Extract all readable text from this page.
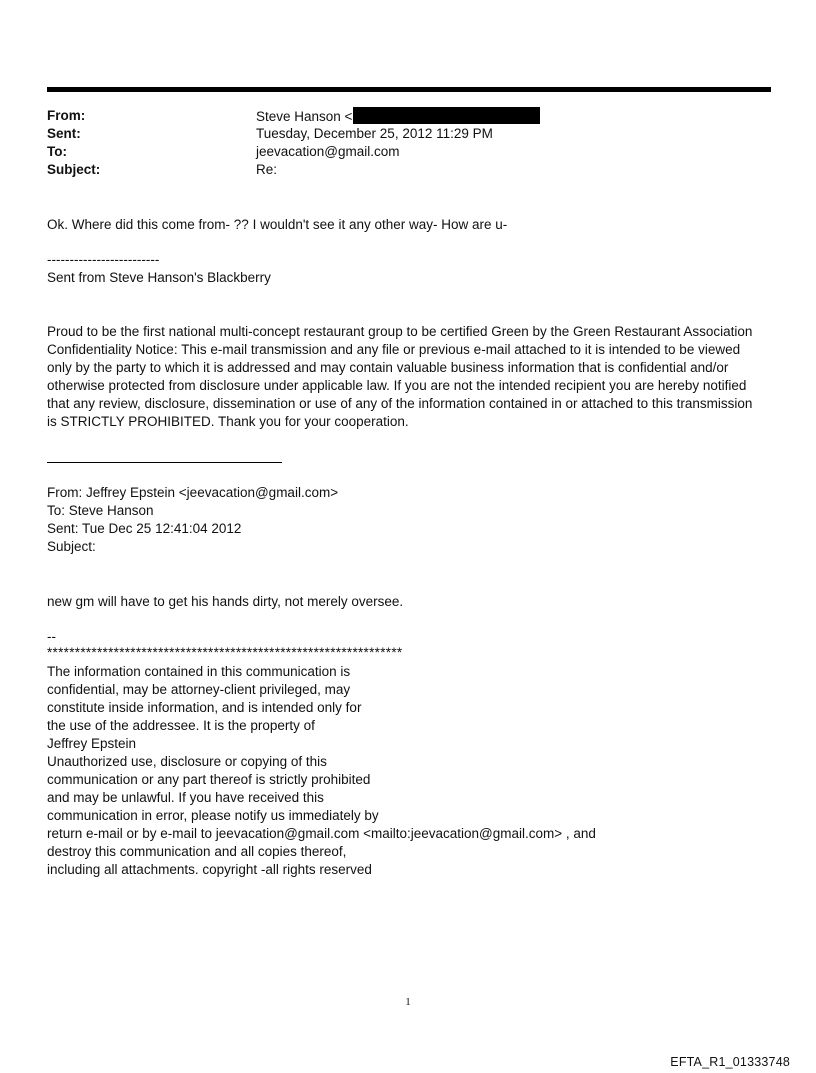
From:	Steve Hanson <
Sent:	Tuesday, December 25, 2012 11:29 PM
To:	jeevacation@gmail.com
Subject:	Re:
Ok. Where did this come from- ?? I wouldn't see it any other way- How are u-
-------------------------
Sent from Steve Hanson's Blackberry
Proud to be the first national multi-concept restaurant group to be certified Green by the Green Restaurant Association
Confidentiality Notice: This e-mail transmission and any file or previous e-mail attached to it is intended to be viewed
only by the party to which it is addressed and may contain valuable business information that is confidential and/or
otherwise protected from disclosure under applicable law. If you are not the intended recipient you are hereby notified
that any review, disclosure, dissemination or use of any of the information contained in or attached to this transmission
is STRICTLY PROHIBITED. Thank you for your cooperation.
From: Jeffrey Epstein <jeevacation@gmail.com>
To: Steve Hanson
Sent: Tue Dec 25 12:41:04 2012
Subject:
new gm will have to get his hands dirty, not merely oversee.
--
****************************************************************
The information contained in this communication is
confidential, may be attorney-client privileged, may
constitute inside information, and is intended only for
the use of the addressee. It is the property of
Jeffrey Epstein
Unauthorized use, disclosure or copying of this
communication or any part thereof is strictly prohibited
and may be unlawful. If you have received this
communication in error, please notify us immediately by
return e-mail or by e-mail to jeevacation@gmail.com <mailto:jeevacation@gmail.com> , and
destroy this communication and all copies thereof,
including all attachments. copyright -all rights reserved
1
EFTA_R1_01333748
